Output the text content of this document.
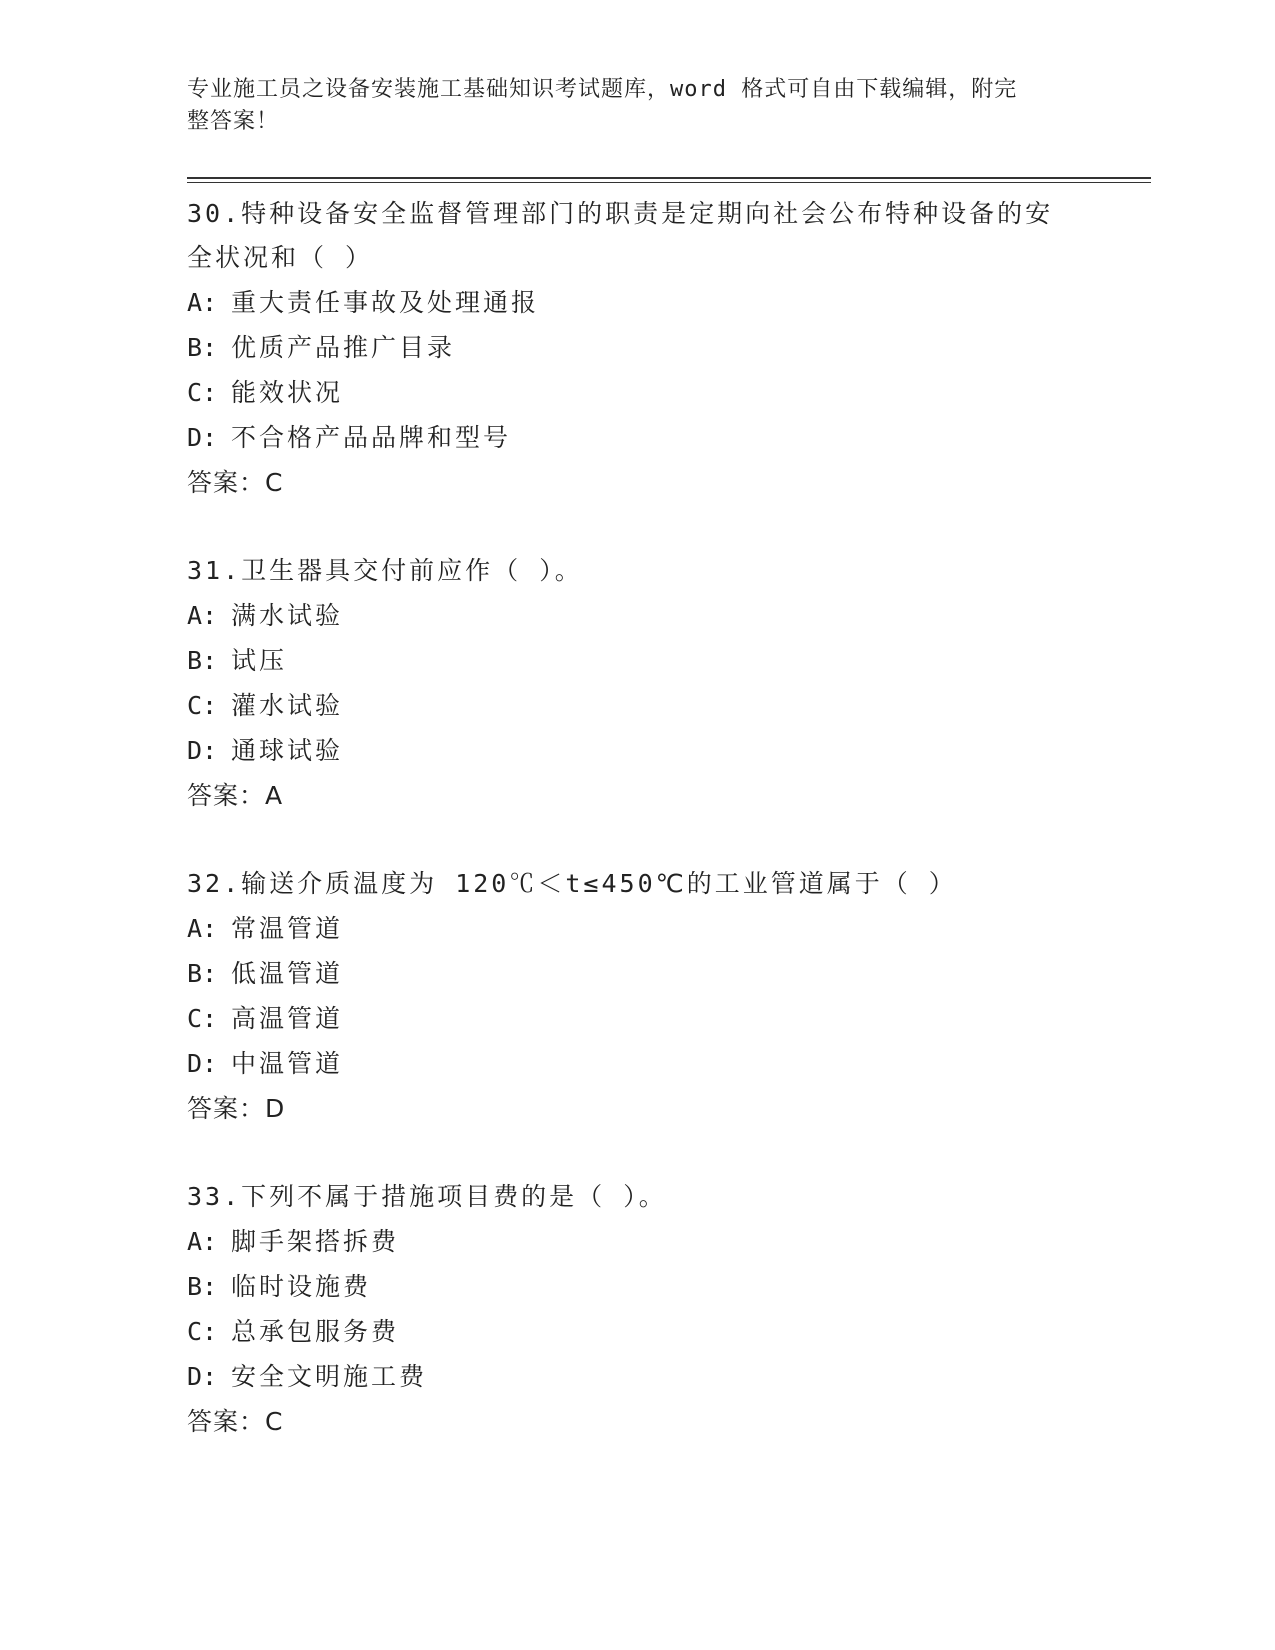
专业施工员之设备安装施工基础知识考试题库，word 格式可自由下载编辑，附完
整答案！
30.特种设备安全监督管理部门的职责是定期向社会公布特种设备的安
全状况和（ ）
A: 重大责任事故及处理通报
B: 优质产品推广目录
C: 能效状况
D: 不合格产品品牌和型号
答案：C
31.卫生器具交付前应作（ ）。
A: 满水试验
B: 试压
C: 灌水试验
D: 通球试验
答案：A
32.输送介质温度为 120℃＜t≤450℃的工业管道属于（ ）
A: 常温管道
B: 低温管道
C: 高温管道
D: 中温管道
答案：D
33.下列不属于措施项目费的是（ ）。
A: 脚手架搭拆费
B: 临时设施费
C: 总承包服务费
D: 安全文明施工费
答案：C
